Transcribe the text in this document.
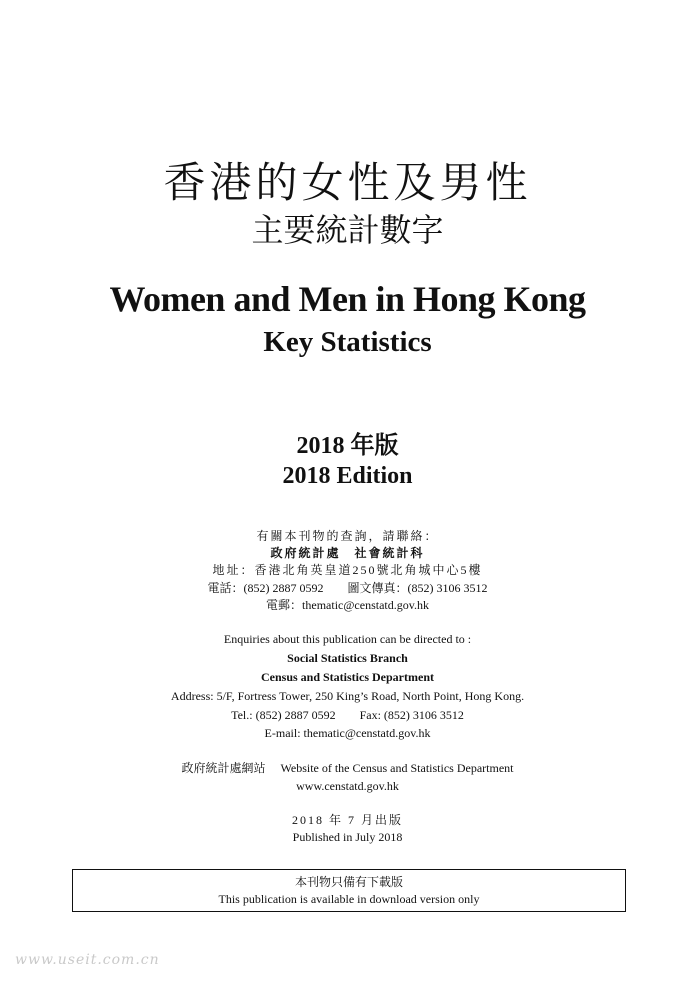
香港的女性及男性
主要統計數字
Women and Men in Hong Kong
Key Statistics
2018 年版
2018 Edition
有關本刊物的查詢，請聯絡：
政府統計處　社會統計科
地址：香港北角英皇道250號北角城中心5樓
電話：(852) 2887 0592　　圖文傳真：(852) 3106 3512
電郵：thematic@censtatd.gov.hk
Enquiries about this publication can be directed to :
Social Statistics Branch
Census and Statistics Department
Address: 5/F, Fortress Tower, 250 King’s Road, North Point, Hong Kong.
Tel.: (852) 2887 0592        Fax: (852) 3106 3512
E-mail: thematic@censtatd.gov.hk
政府統計處網站　 Website of the Census and Statistics Department
www.censtatd.gov.hk
2018 年 7 月出版
Published in July 2018
本刊物只備有下載版
This publication is available in download version only
www.useit.com.cn
